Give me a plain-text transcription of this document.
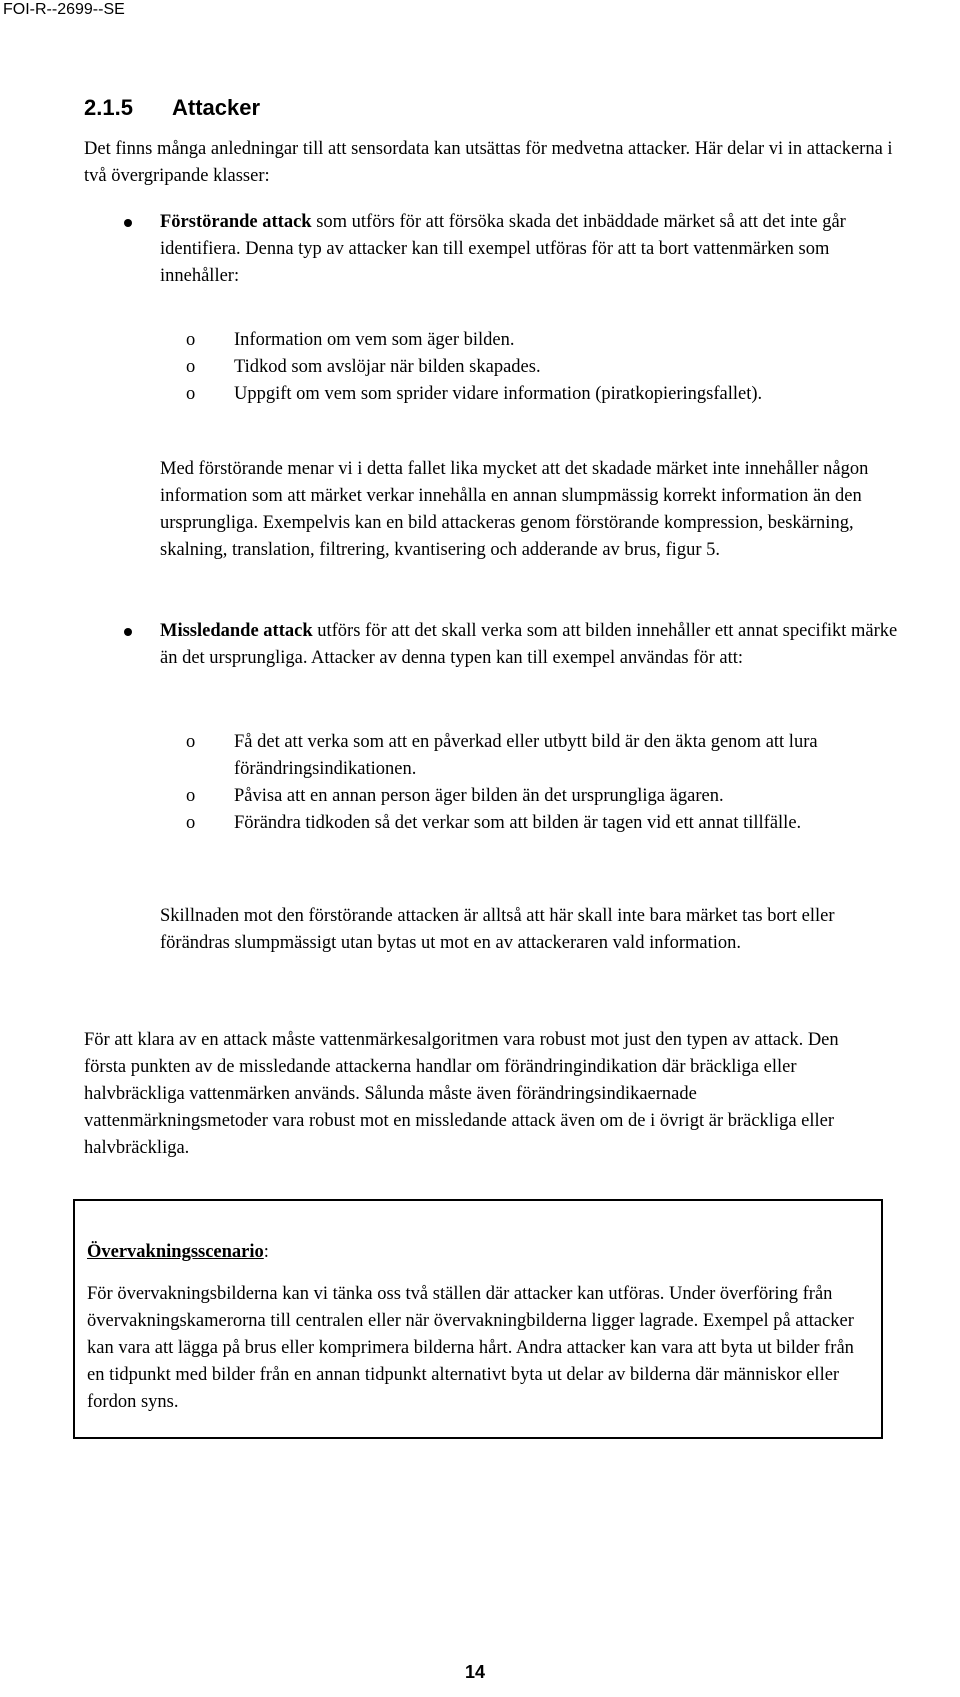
FOI-R--2699--SE
2.1.5 Attacker

Det finns många anledningar till att sensordata kan utsättas för medvetna attacker. Här delar vi in attackerna i två övergripande klasser:

Förstörande attack som utförs för att försöka skada det inbäddade märket så att det inte går identifiera. Denna typ av attacker kan till exempel utföras för att ta bort vattenmärken som innehåller:

o	Information om vem som äger bilden.
o	Tidkod som avslöjar när bilden skapades.
o	Uppgift om vem som sprider vidare information (piratkopieringsfallet).

Med förstörande menar vi i detta fallet lika mycket att det skadade märket inte innehåller någon information som att märket verkar innehålla en annan slumpmässig korrekt information än den ursprungliga. Exempelvis kan en bild attackeras genom förstörande kompression, beskärning, skalning, translation, filtrering, kvantisering och adderande av brus, figur 5.

Missledande attack utförs för att det skall verka som att bilden innehåller ett annat specifikt märke än det ursprungliga. Attacker av denna typen kan till exempel användas för att:

o	Få det att verka som att en påverkad eller utbytt bild är den äkta genom att lura förändringsindikationen.
o	Påvisa att en annan person äger bilden än det ursprungliga ägaren.
o	Förändra tidkoden så det verkar som att bilden är tagen vid ett annat tillfälle.

Skillnaden mot den förstörande attacken är alltså att här skall inte bara märket tas bort eller förändras slumpmässigt utan bytas ut mot en av attackeraren vald information.

För att klara av en attack måste vattenmärkesalgoritmen vara robust mot just den typen av attack. Den första punkten av de missledande attackerna handlar om förändringindikation där bräckliga eller halvbräckliga vattenmärken används. Sålunda måste även förändringsindikaernade vattenmärkningsmetoder vara robust mot en missledande attack även om de i övrigt är bräckliga eller halvbräckliga.

Övervakningsscenario:

För övervakningsbilderna kan vi tänka oss två ställen där attacker kan utföras. Under överföring från övervakningskamerorna till centralen eller när övervakningbilderna ligger lagrade. Exempel på attacker kan vara att lägga på brus eller komprimera bilderna hårt. Andra attacker kan vara att byta ut bilder från en tidpunkt med bilder från en annan tidpunkt alternativt byta ut delar av bilderna där människor eller fordon syns.

14
